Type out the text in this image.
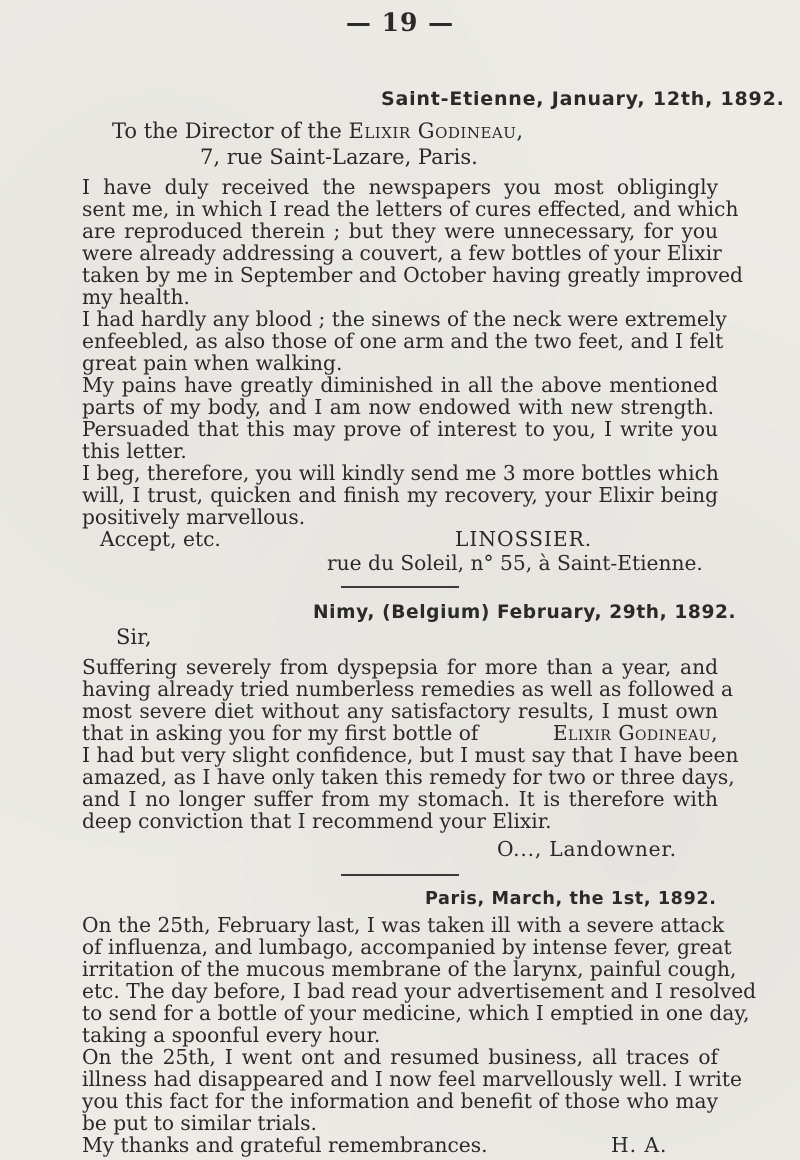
— 19 —
Saint-Etienne, January, 12th, 1892.
To the Director of the Elixir Godineau,
7, rue Saint-Lazare, Paris.
I have duly received the newspapers you most obligingly
sent me, in which I read the letters of cures effected, and which
are reproduced therein ; but they were unnecessary, for you
were already addressing a couvert, a few bottles of your Elixir
taken by me in September and October having greatly improved
my health.
I had hardly any blood ; the sinews of the neck were extremely
enfeebled, as also those of one arm and the two feet, and I felt
great pain when walking.
My pains have greatly diminished in all the above mentioned
parts of my body, and I am now endowed with new strength.
Persuaded that this may prove of interest to you, I write you
this letter.
I beg, therefore, you will kindly send me 3 more bottles which
will, I trust, quicken and finish my recovery, your Elixir being
positively marvellous.
Accept, etc.	LINOSSIER.
rue du Soleil, n° 55, à Saint-Etienne.
Nimy, (Belgium) February, 29th, 1892.
Sir,
Suffering severely from dyspepsia for more than a year, and
having already tried numberless remedies as well as followed a
most severe diet without any satisfactory results, I must own
that in asking you for my first bottle of	Elixir Godineau,
I had but very slight confidence, but I must say that I have been
amazed, as I have only taken this remedy for two or three days,
and I no longer suffer from my stomach. It is therefore with
deep conviction that I recommend your Elixir.
O..., Landowner.
Paris, March, the 1st, 1892.
On the 25th, February last, I was taken ill with a severe attack
of influenza, and lumbago, accompanied by intense fever, great
irritation of the mucous membrane of the larynx, painful cough,
etc. The day before, I bad read your advertisement and I resolved
to send for a bottle of your medicine, which I emptied in one day,
taking a spoonful every hour.
On the 25th, I went ont and resumed business, all traces of
illness had disappeared and I now feel marvellously well. I write
you this fact for the information and benefit of those who may
be put to similar trials.
My thanks and grateful remembrances.	H. A.
